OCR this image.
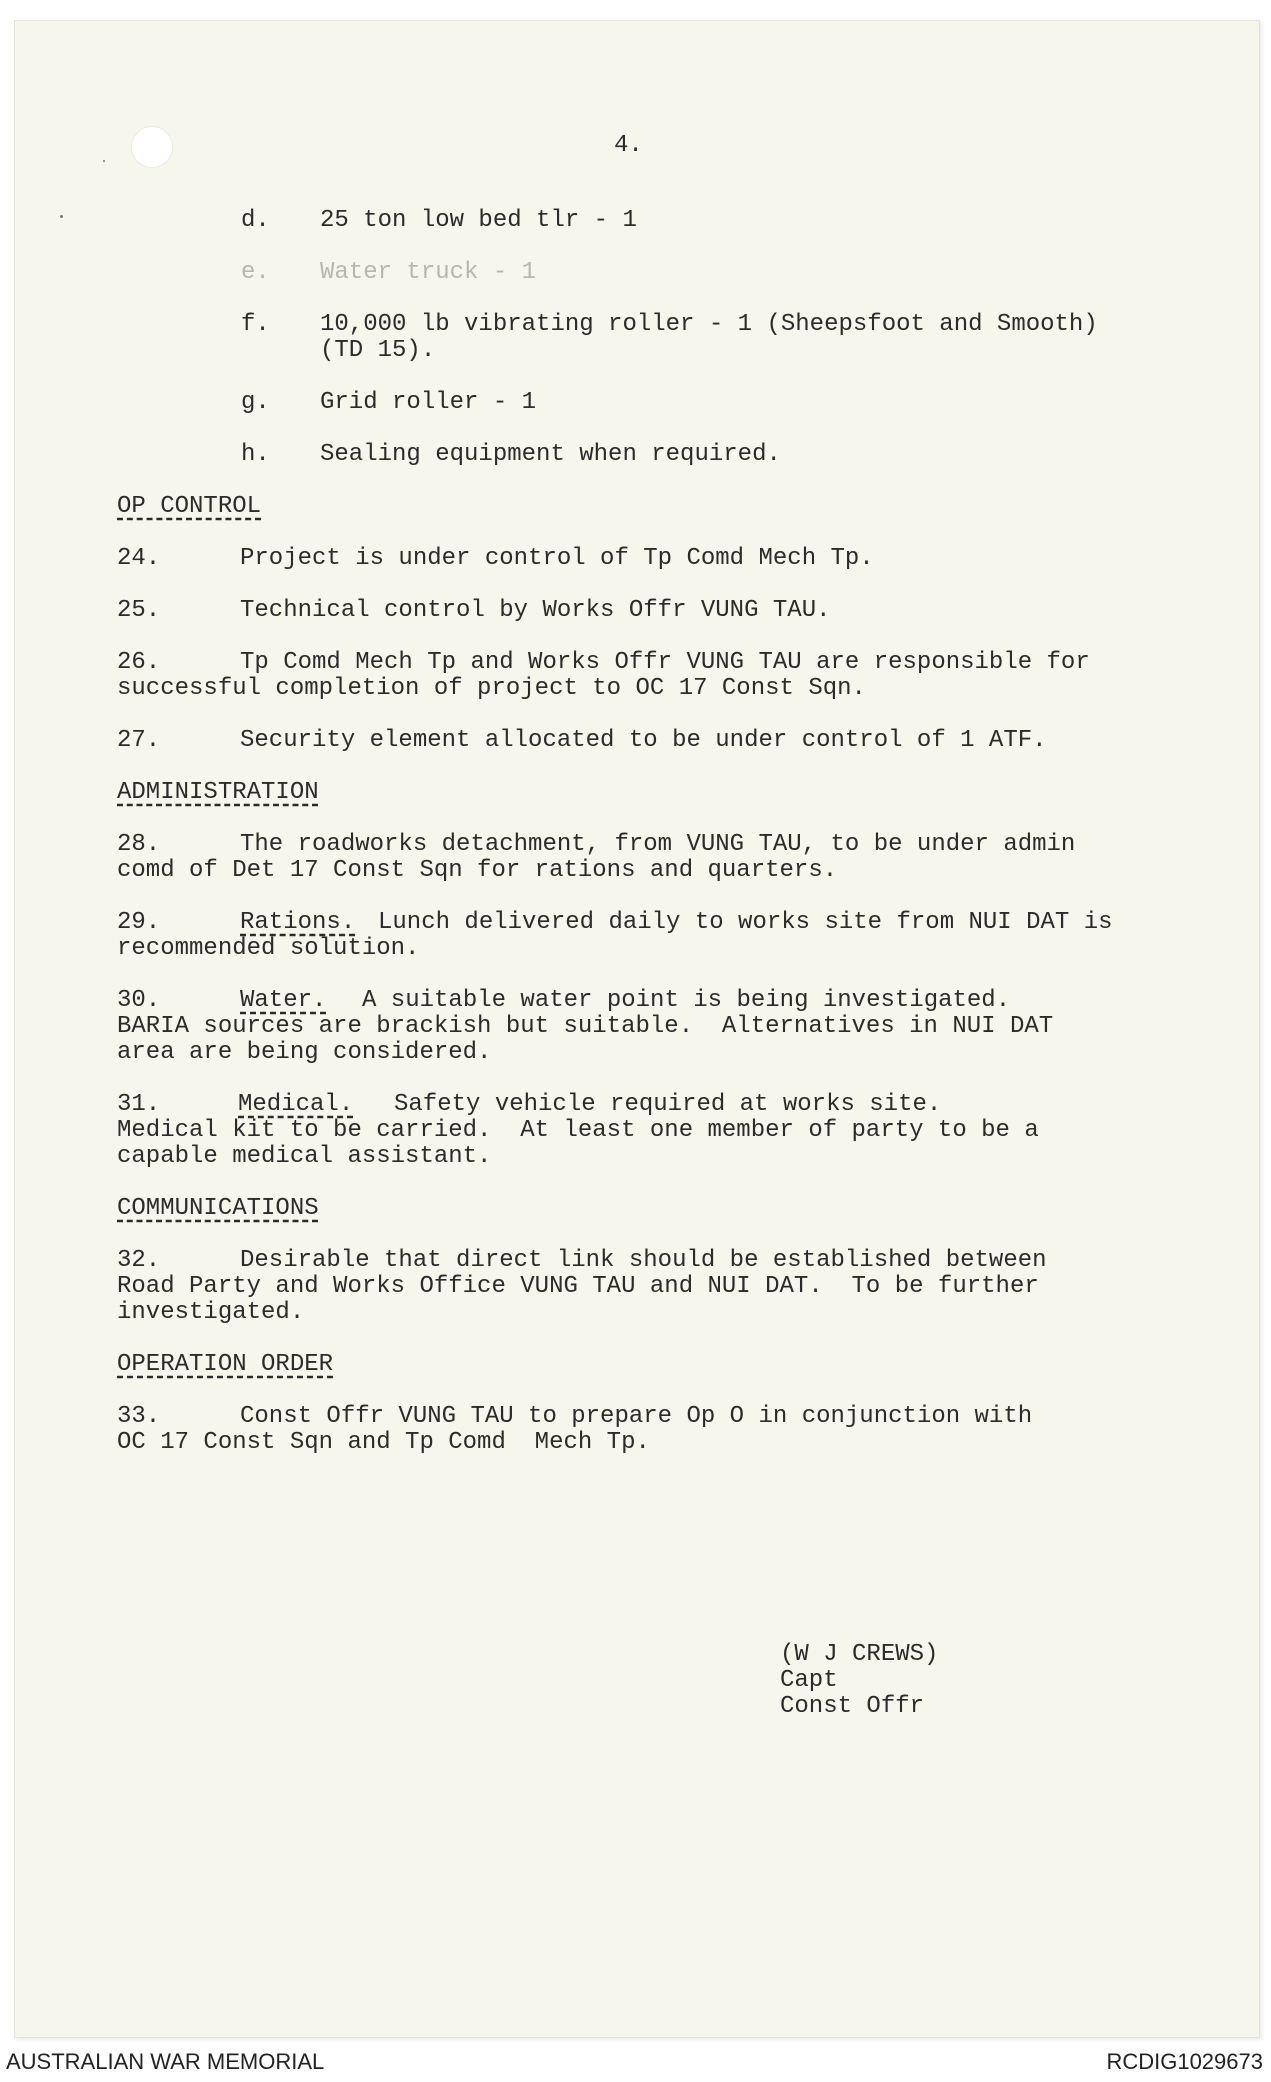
4.

d. 25 ton low bed tlr - 1

e. Water truck - 1

f. 10,000 lb vibrating roller - 1 (Sheepsfoot and Smooth)

(TD 15).

g. Grid roller - 1

h. Sealing equipment when required.

OP CONTROL

24.	Project is under control of Tp Comd Mech Tp.

25.	Technical control by Works Offr VUNG TAU.

26.	Tp Comd Mech Tp and Works Offr VUNG TAU are responsible for

successful completion of project to OC 17 Const Sqn.

27.	Security element allocated to be under control of 1 ATF.

ADMINISTRATION

28.	The roadworks detachment, from VUNG TAU, to be under admin

comd of Det 17 Const Sqn for rations and quarters.

29.	Rations. Lunch delivered daily to works site from NUI DAT is

recommended solution.

30.	Water. A suitable water point is being investigated.

BARIA sources are brackish but suitable.  Alternatives in NUI DAT

area are being considered.

31.	Medical. Safety vehicle required at works site.

Medical kit to be carried.  At least one member of party to be a

capable medical assistant.

COMMUNICATIONS

32.	Desirable that direct link should be established between

Road Party and Works Office VUNG TAU and NUI DAT.  To be further

investigated.

OPERATION ORDER

33.	Const Offr VUNG TAU to prepare Op O in conjunction with

OC 17 Const Sqn and Tp Comd  Mech Tp.

(W J CREWS)

Capt

Const Offr

AUSTRALIAN WAR MEMORIAL	RCDIG1029673
